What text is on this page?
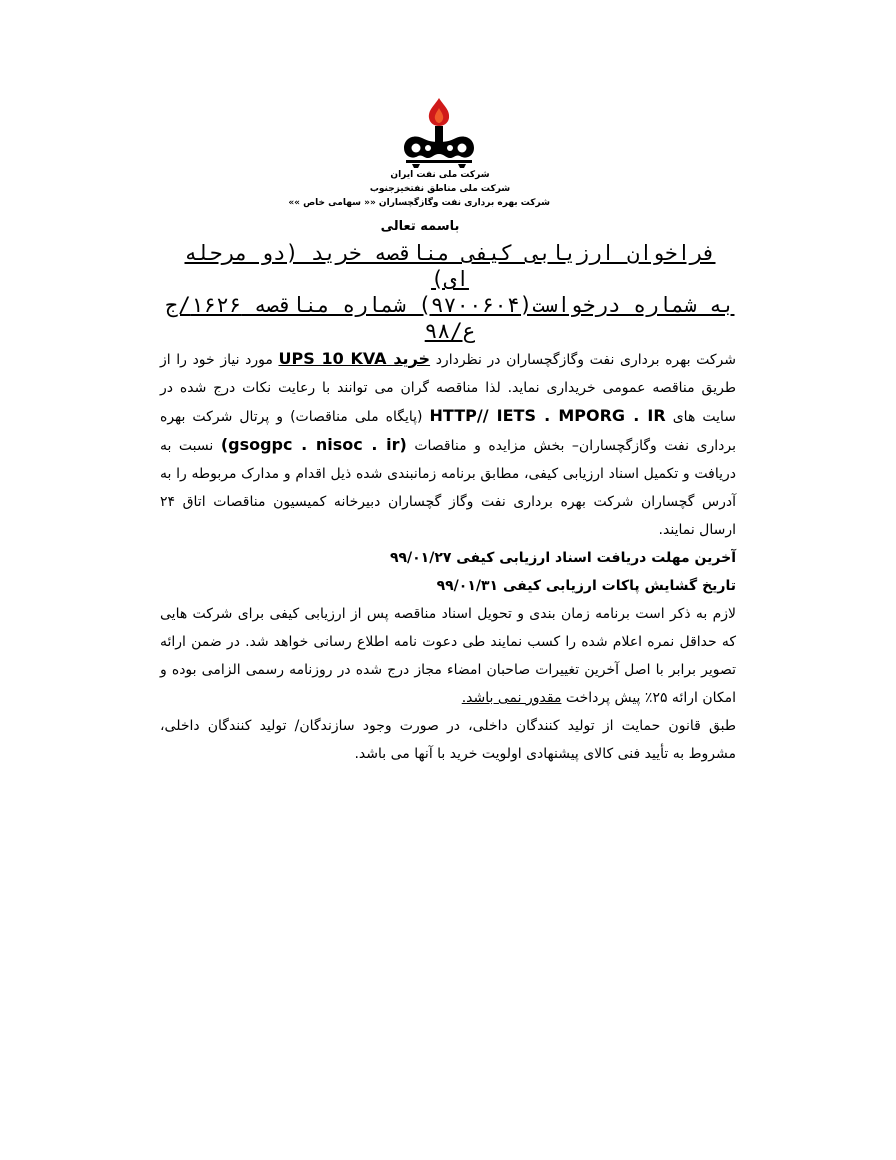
شرکت ملی نفت ایران
شرکت ملی مناطق نفتخیزجنوب
شرکت بهره برداری نفت وگازگچساران «« سهامی خاص »»
باسمه تعالی
فراخوان ارزیابی کیفی مناقصه خرید (دو مرحله ای)
به شماره درخواست(۹۷۰۰۶۰۴) شماره مناقصه ۱۶۲۶/ج ع/۹۸

شرکت بهره برداری نفت وگازگچساران در نظردارد خرید UPS 10 KVA مورد نیاز خود را از طریق مناقصه عمومی خریداری نماید. لذا مناقصه گران می توانند با رعایت نکات درج شده در سایت های HTTP// IETS . MPORG . IR (پایگاه ملی مناقصات) و پرتال شرکت بهره برداری نفت وگازگچساران– بخش مزایده و مناقصات (gsogpc . nisoc . ir) نسبت به دریافت و تکمیل اسناد ارزیابی کیفی، مطابق برنامه زمانبندی شده ذیل اقدام و مدارک مربوطه را به آدرس گچساران شرکت بهره برداری نفت وگاز گچساران دبیرخانه کمیسیون مناقصات اتاق ۲۴ ارسال نمایند.

آخرین مهلت دریافت اسناد ارزیابی کیفی ۹۹/۰۱/۲۷

تاریخ گشایش پاکات ارزیابی کیفی ۹۹/۰۱/۳۱

لازم به ذکر است برنامه زمان بندی و تحویل اسناد مناقصه پس از ارزیابی کیفی برای شرکت هایی که حداقل نمره اعلام شده را کسب نمایند طی دعوت نامه اطلاع رسانی خواهد شد. در ضمن ارائه تصویر برابر با اصل آخرین تغییرات صاحبان امضاء مجاز درج شده در روزنامه رسمی الزامی بوده و امکان ارائه ۲۵٪ پیش پرداخت مقدور نمی باشد.

طبق قانون حمایت از تولید کنندگان داخلی، در صورت وجود سازندگان/ تولید کنندگان داخلی، مشروط به تأیید فنی کالای پیشنهادی اولویت خرید با آنها می باشد.
